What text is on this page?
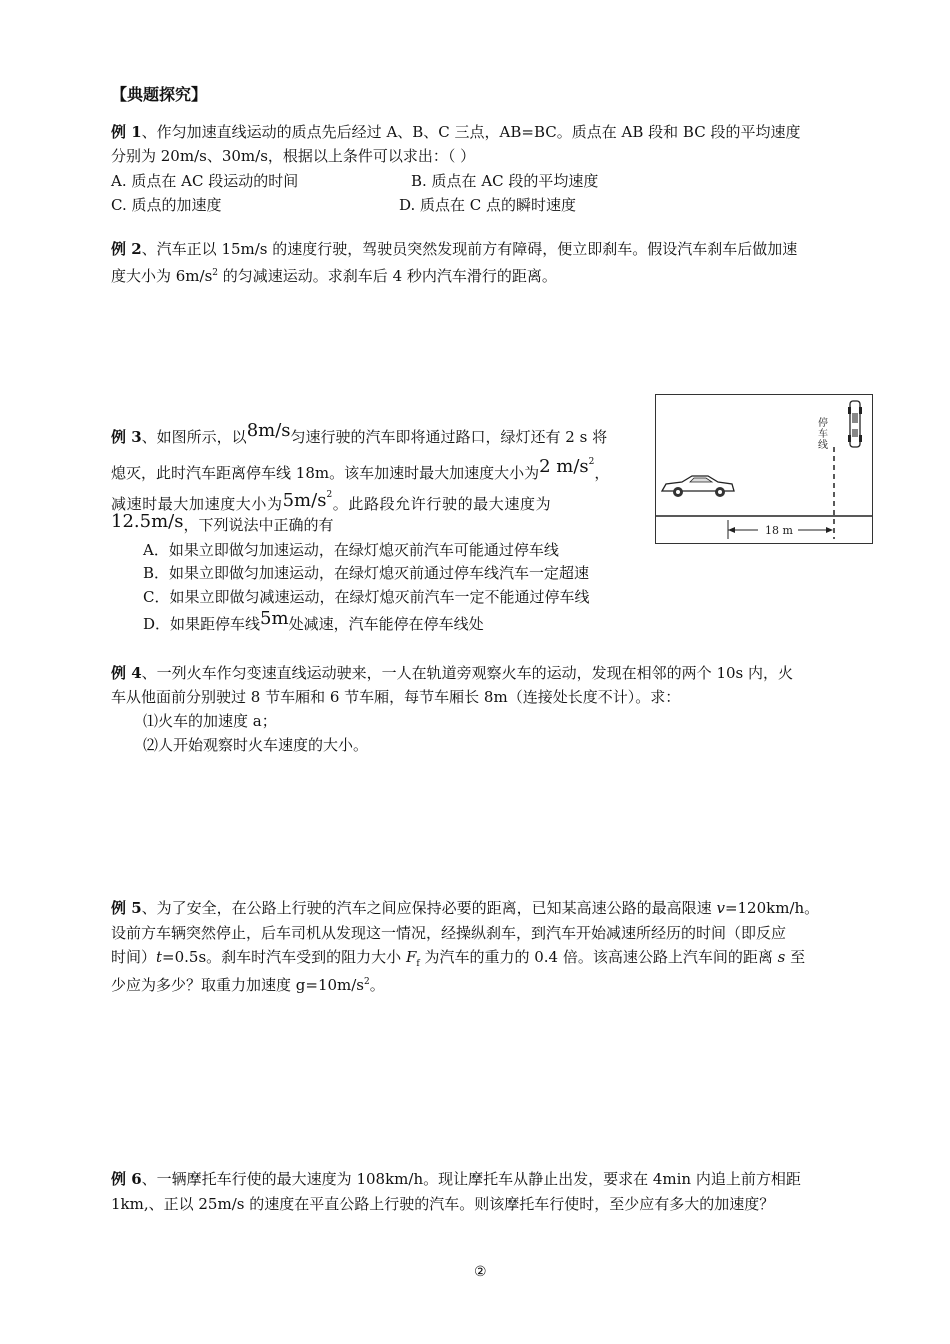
【典题探究】
例 1、作匀加速直线运动的质点先后经过 A、B、C 三点，AB=BC。质点在 AB 段和 BC 段的平均速度
分别为 20m/s、30m/s，根据以上条件可以求出：（ ）
A. 质点在 AC 段运动的时间	B. 质点在 AC 段的平均速度
C. 质点的加速度	D. 质点在 C 点的瞬时速度
例 2、汽车正以 15m/s 的速度行驶，驾驶员突然发现前方有障碍，便立即刹车。假设汽车刹车后做加速
度大小为 $6m/s^2$ 的匀减速运动。求刹车后 4 秒内汽车滑行的距离。
例 3、如图所示，以8m/s匀速行驶的汽车即将通过路口，绿灯还有 2 s 将
熄灭，此时汽车距离停车线 18m。该车加速时最大加速度大小为2 $m/s^2$，
减速时最大加速度大小为$5m/s^2$。此路段允许行驶的最大速度为
12.5m/s，下列说法中正确的有
A．如果立即做匀加速运动，在绿灯熄灭前汽车可能通过停车线
B．如果立即做匀加速运动，在绿灯熄灭前通过停车线汽车一定超速
C．如果立即做匀减速运动，在绿灯熄灭前汽车一定不能通过停车线
D．如果距停车线5m处减速，汽车能停在停车线处
停车线
18 m
例 4、一列火车作匀变速直线运动驶来，一人在轨道旁观察火车的运动，发现在相邻的两个 10s 内，火
车从他面前分别驶过 8 节车厢和 6 节车厢，每节车厢长 8m（连接处长度不计）。求：
⑴火车的加速度 a；
⑵人开始观察时火车速度的大小。
例 5、为了安全，在公路上行驶的汽车之间应保持必要的距离，已知某高速公路的最高限速 v=120km/h。
设前方车辆突然停止，后车司机从发现这一情况，经操纵刹车，到汽车开始减速所经历的时间（即反应
时间）t=0.5s。刹车时汽车受到的阻力大小 $F_f$ 为汽车的重力的 0.4 倍。该高速公路上汽车间的距离 s 至
少应为多少？取重力加速度 $g=10m/s^2$。
例 6、一辆摩托车行使的最大速度为 108km/h。现让摩托车从静止出发，要求在 4min 内追上前方相距
1km,、正以 25m/s 的速度在平直公路上行驶的汽车。则该摩托车行使时，至少应有多大的加速度？
②
